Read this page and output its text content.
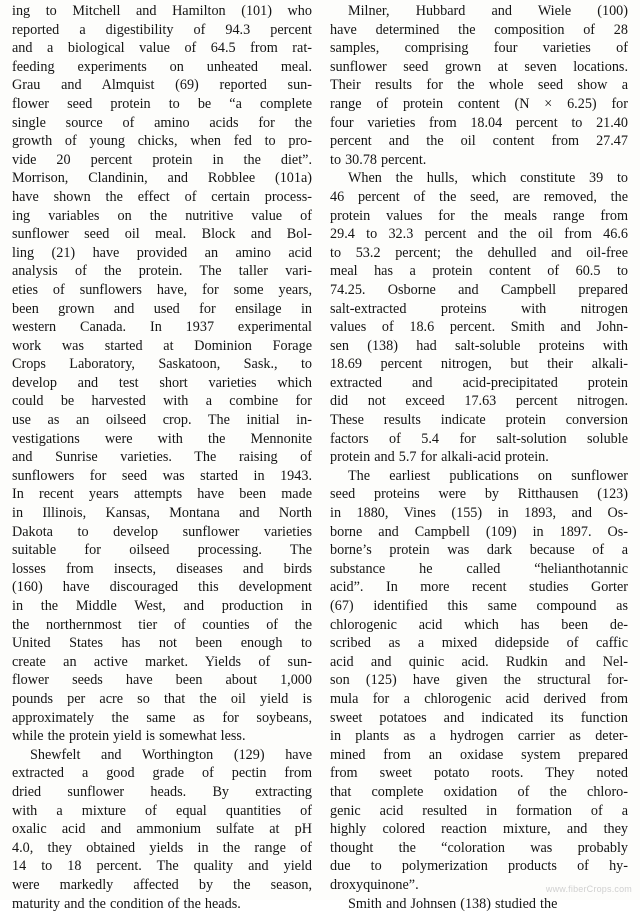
ing to Mitchell and Hamilton (101) who
reported a digestibility of 94.3 percent
and a biological value of 64.5 from rat-
feeding experiments on unheated meal.
Grau and Almquist (69) reported sun-
flower seed protein to be “a complete
single source of amino acids for the
growth of young chicks, when fed to pro-
vide 20 percent protein in the diet”.
Morrison, Clandinin, and Robblee (101a)
have shown the effect of certain process-
ing variables on the nutritive value of
sunflower seed oil meal. Block and Bol-
ling (21) have provided an amino acid
analysis of the protein. The taller vari-
eties of sunflowers have, for some years,
been grown and used for ensilage in
western Canada. In 1937 experimental
work was started at Dominion Forage
Crops Laboratory, Saskatoon, Sask., to
develop and test short varieties which
could be harvested with a combine for
use as an oilseed crop. The initial in-
vestigations were with the Mennonite
and Sunrise varieties. The raising of
sunflowers for seed was started in 1943.
In recent years attempts have been made
in Illinois, Kansas, Montana and North
Dakota to develop sunflower varieties
suitable for oilseed processing. The
losses from insects, diseases and birds
(160) have discouraged this development
in the Middle West, and production in
the northernmost tier of counties of the
United States has not been enough to
create an active market. Yields of sun-
flower seeds have been about 1,000
pounds per acre so that the oil yield is
approximately the same as for soybeans,
while the protein yield is somewhat less.
Shewfelt and Worthington (129) have
extracted a good grade of pectin from
dried sunflower heads. By extracting
with a mixture of equal quantities of
oxalic acid and ammonium sulfate at pH
4.0, they obtained yields in the range of
14 to 18 percent. The quality and yield
were markedly affected by the season,
maturity and the condition of the heads.
Milner, Hubbard and Wiele (100)
have determined the composition of 28
samples, comprising four varieties of
sunflower seed grown at seven locations.
Their results for the whole seed show a
range of protein content (N × 6.25) for
four varieties from 18.04 percent to 21.40
percent and the oil content from 27.47
to 30.78 percent.
When the hulls, which constitute 39 to
46 percent of the seed, are removed, the
protein values for the meals range from
29.4 to 32.3 percent and the oil from 46.6
to 53.2 percent; the dehulled and oil-free
meal has a protein content of 60.5 to
74.25. Osborne and Campbell prepared
salt-extracted proteins with nitrogen
values of 18.6 percent. Smith and John-
sen (138) had salt-soluble proteins with
18.69 percent nitrogen, but their alkali-
extracted and acid-precipitated protein
did not exceed 17.63 percent nitrogen.
These results indicate protein conversion
factors of 5.4 for salt-solution soluble
protein and 5.7 for alkali-acid protein.
The earliest publications on sunflower
seed proteins were by Ritthausen (123)
in 1880, Vines (155) in 1893, and Os-
borne and Campbell (109) in 1897. Os-
borne’s protein was dark because of a
substance he called “helianthotannic
acid”. In more recent studies Gorter
(67) identified this same compound as
chlorogenic acid which has been de-
scribed as a mixed didepside of caffic
acid and quinic acid. Rudkin and Nel-
son (125) have given the structural for-
mula for a chlorogenic acid derived from
sweet potatoes and indicated its function
in plants as a hydrogen carrier as deter-
mined from an oxidase system prepared
from sweet potato roots. They noted
that complete oxidation of the chloro-
genic acid resulted in formation of a
highly colored reaction mixture, and they
thought the “coloration was probably
due to polymerization products of hy-
droxyquinone”.
Smith and Johnsen (138) studied the
www.fiberCrops.com
